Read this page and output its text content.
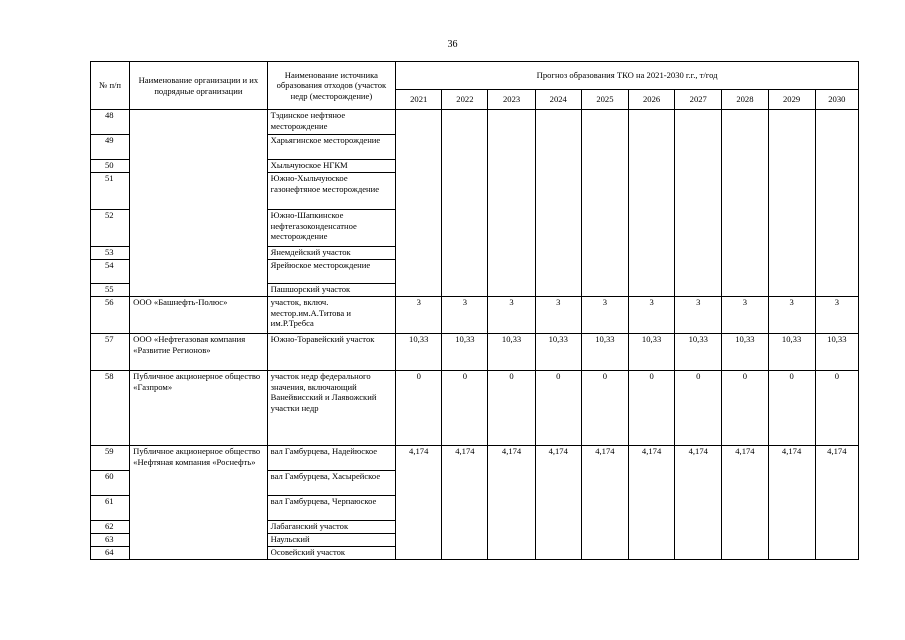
36
№ п/п	Наименование организации и их подрядные организации	Наименование источника образования отходов (участок недр (месторождение)	Прогноз образования ТКО на 2021-2030 г.г., т/год									
			2021	2022	2023	2024	2025	2026	2027	2028	2029	2030
48		Тэдинское нефтяное месторождение										
49		Харьягинское месторождение										
50		Хыльчуюское НГКМ										
51		Южно-Хыльчуюское газонефтяное месторождение										
52		Южно-Шапкинское нефтегазоконденсатное месторождение										
53		Янемдейский участок										
54		Ярейюское месторождение										
55		Пашшорский участок										
56	ООО «Башнефть-Полюс»	участок, включ. местор.им.А.Титова и им.Р.Требса	3	3	3	3	3	3	3	3	3	3
57	ООО «Нефтегазовая компания «Развитие Регионов»	Южно-Торавейский участок	10,33	10,33	10,33	10,33	10,33	10,33	10,33	10,33	10,33	10,33
58	Публичное акционерное общество «Газпром»	участок недр федерального значения, включающий Ванейвисский и Лаявожский участки недр	0	0	0	0	0	0	0	0	0	0
59	Публичное акционерное общество «Нефтяная компания «Роснефть»	вал Гамбурцева, Надейюское	4,174	4,174	4,174	4,174	4,174	4,174	4,174	4,174	4,174	4,174
60		вал Гамбурцева, Хасырейское										
61		вал Гамбурцева, Черпаюское										
62		Лабаганский участок										
63		Наульский										
64		Осовейский участок										
